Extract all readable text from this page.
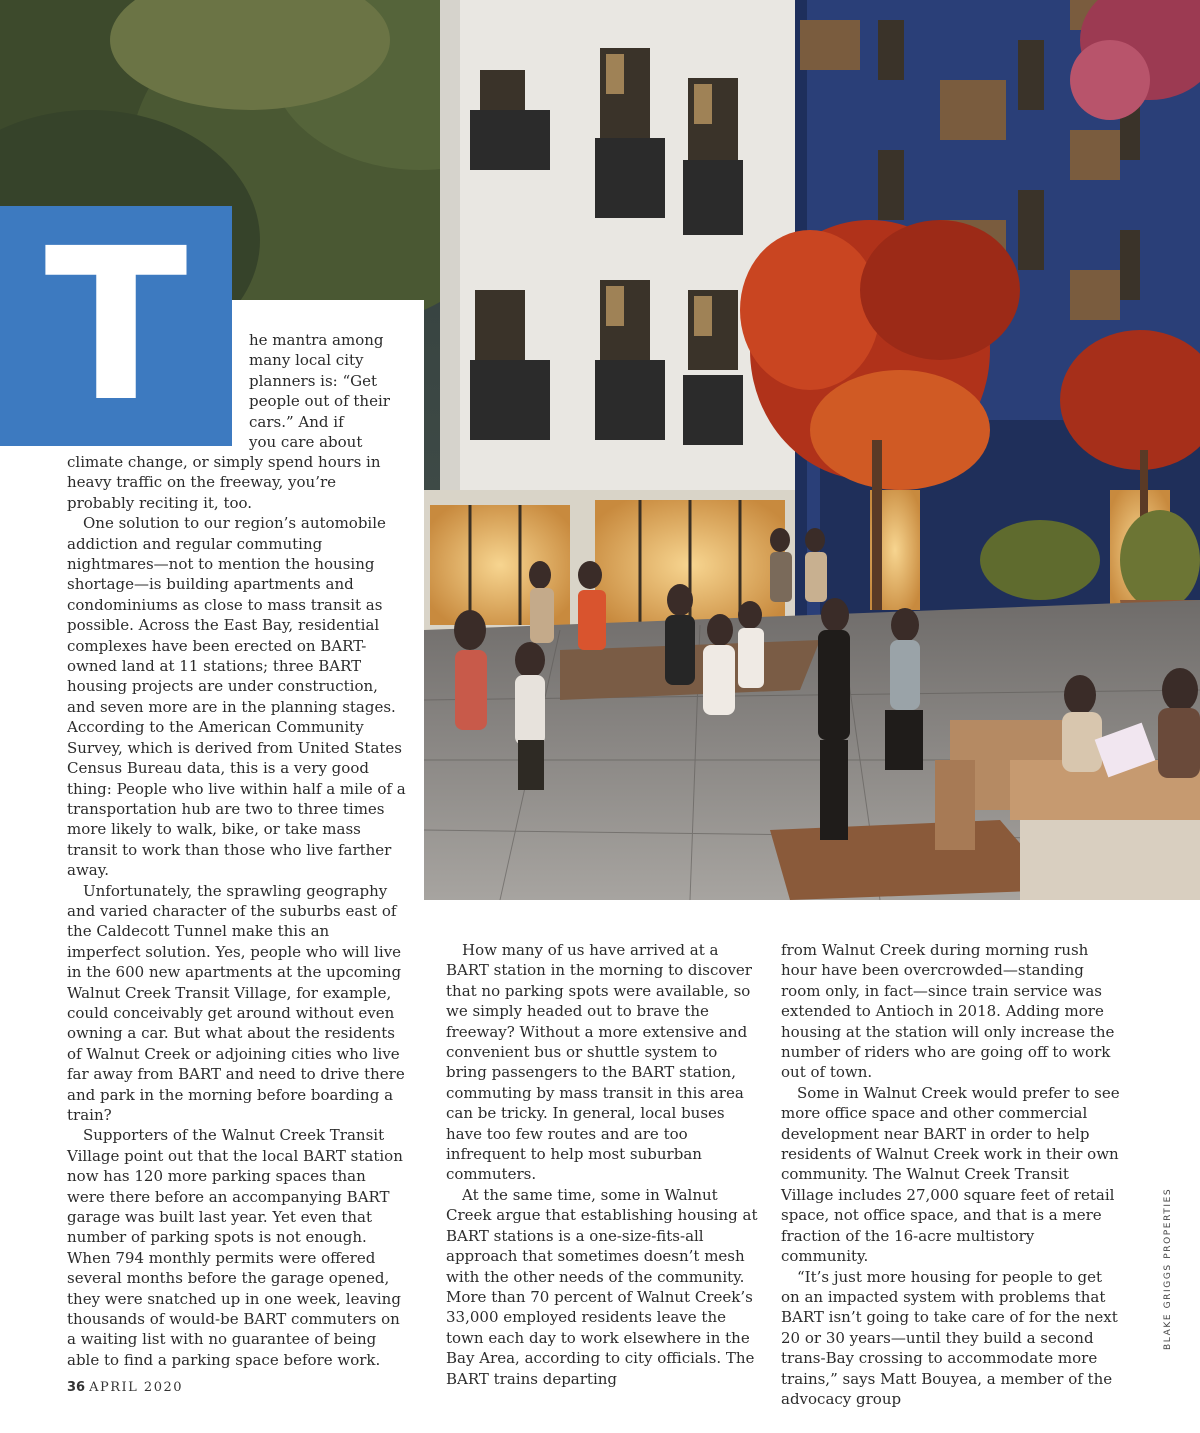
T	he mantra among
many local city
planners is: “Get
people out of their
cars.” And if
you care about

climate change, or simply spend hours in heavy traffic on the freeway, you’re probably reciting it, too.

One solution to our region’s automobile addiction and regular commuting nightmares—not to mention the housing shortage—is building apartments and condominiums as close to mass transit as possible. Across the East Bay, residential complexes have been erected on BART-owned land at 11 stations; three BART housing projects are under construction, and seven more are in the planning stages. According to the American Community Survey, which is derived from United States Census Bureau data, this is a very good thing: People who live within half a mile of a transportation hub are two to three times more likely to walk, bike, or take mass transit to work than those who live farther away.

Unfortunately, the sprawling geography and varied character of the suburbs east of the Caldecott Tunnel make this an imperfect solution. Yes, people who will live in the 600 new apartments at the upcoming Walnut Creek Transit Village, for example, could conceivably get around without even owning a car. But what about the residents of Walnut Creek or adjoining cities who live far away from BART and need to drive there and park in the morning before boarding a train?

Supporters of the Walnut Creek Transit Village point out that the local BART station now has 120 more parking spaces than were there before an accompanying BART garage was built last year. Yet even that number of parking spots is not enough. When 794 monthly permits were offered several months before the garage opened, they were snatched up in one week, leaving thousands of would-be BART commuters on a waiting list with no guarantee of being able to find a parking space before work.

How many of us have arrived at a BART station in the morning to discover that no parking spots were available, so we simply headed out to brave the freeway? Without a more extensive and convenient bus or shuttle system to bring passengers to the BART station, commuting by mass transit in this area can be tricky. In general, local buses have too few routes and are too infrequent to help most suburban commuters.

At the same time, some in Walnut Creek argue that establishing housing at BART stations is a one-size-fits-all approach that sometimes doesn’t mesh with the other needs of the community. More than 70 percent of Walnut Creek’s 33,000 employed residents leave the town each day to work elsewhere in the Bay Area, according to city officials. The BART trains departing

from Walnut Creek during morning rush hour have been overcrowded—standing room only, in fact—since train service was extended to Antioch in 2018. Adding more housing at the station will only increase the number of riders who are going off to work out of town.

Some in Walnut Creek would prefer to see more office space and other commercial development near BART in order to help residents of Walnut Creek work in their own community. The Walnut Creek Transit Village includes 27,000 square feet of retail space, not office space, and that is a mere fraction of the 16-acre multistory community.

“It’s just more housing for people to get on an impacted system with problems that BART isn’t going to take care of for the next 20 or 30 years—until they build a second trans-Bay crossing to accommodate more trains,” says Matt Bouyea, a member of the advocacy group

36 APRIL 2020
BLAKE GRIGGS PROPERTIES
